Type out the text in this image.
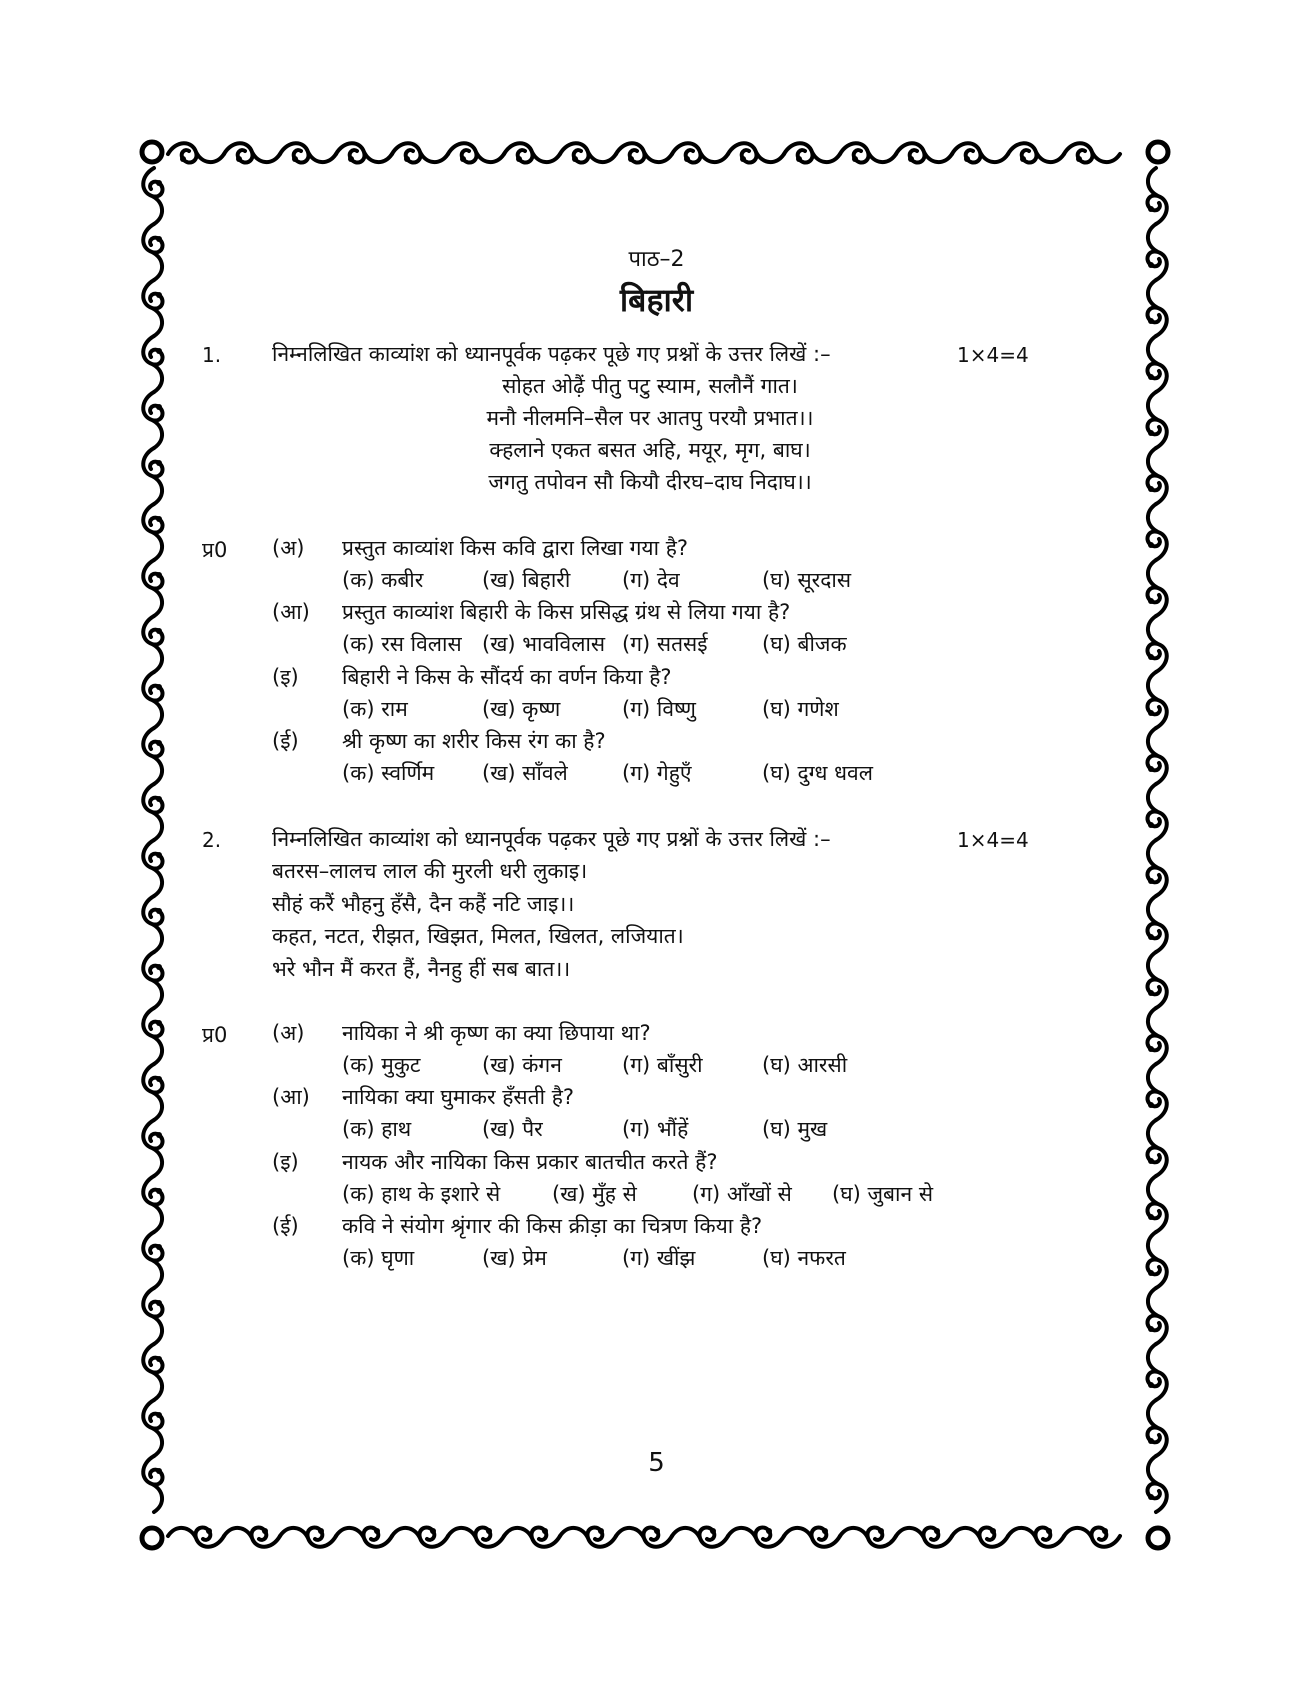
पाठ–2
बिहारी
1. निम्नलिखित काव्यांश को ध्यानपूर्वक पढ़कर पूछे गए प्रश्नों के उत्तर लिखें :–	1×4=4
सोहत ओढ़ैं पीतु पटु स्याम, सलौनैं गात।
मनौ नीलमनि–सैल पर आतपु परयौ प्रभात।।
क्हलाने एकत बसत अहि, मयूर, मृग, बाघ।
जगतु तपोवन सौ कियौ दीरघ–दाघ निदाघ।।
प्र0 (अ) प्रस्तुत काव्यांश किस कवि द्वारा लिखा गया है?
(क) कबीर	(ख) बिहारी (ग) देव	(घ) सूरदास
(आ) प्रस्तुत काव्यांश बिहारी के किस प्रसिद्ध ग्रंथ से लिया गया है?
(क) रस विलास (ख) भावविलास (ग) सतसई	(घ) बीजक
(इ) बिहारी ने किस के सौंदर्य का वर्णन किया है?
(क) राम	(ख) कृष्ण	(ग) विष्णु	(घ) गणेश
(ई) श्री कृष्ण का शरीर किस रंग का है?
(क) स्वर्णिम (ख) साँवले	(ग) गेहुएँ	(घ) दुग्ध धवल
2. निम्नलिखित काव्यांश को ध्यानपूर्वक पढ़कर पूछे गए प्रश्नों के उत्तर लिखें :–	1×4=4
बतरस–लालच लाल की मुरली धरी लुकाइ।
सौहं करैं भौहनु हँसै, दैन कहैं नटि जाइ।।
कहत, नटत, रीझत, खिझत, मिलत, खिलत, लजियात।
भरे भौन मैं करत हैं, नैनहु हीं सब बात।।
प्र0 (अ) नायिका ने श्री कृष्ण का क्या छिपाया था?
(क) मुकुट	(ख) कंगन	(ग) बाँसुरी	(घ) आरसी
(आ) नायिका क्या घुमाकर हँसती है?
(क) हाथ	(ख) पैर	(ग) भौंहें	(घ) मुख
(इ) नायक और नायिका किस प्रकार बातचीत करते हैं?
(क) हाथ के इशारे से (ख) मुँह से	(ग) आँखों से (घ) जुबान से
(ई) कवि ने संयोग श्रृंगार की किस क्रीड़ा का चित्रण किया है?
(क) घृणा	(ख) प्रेम	(ग) खींझ	(घ) नफरत
5
